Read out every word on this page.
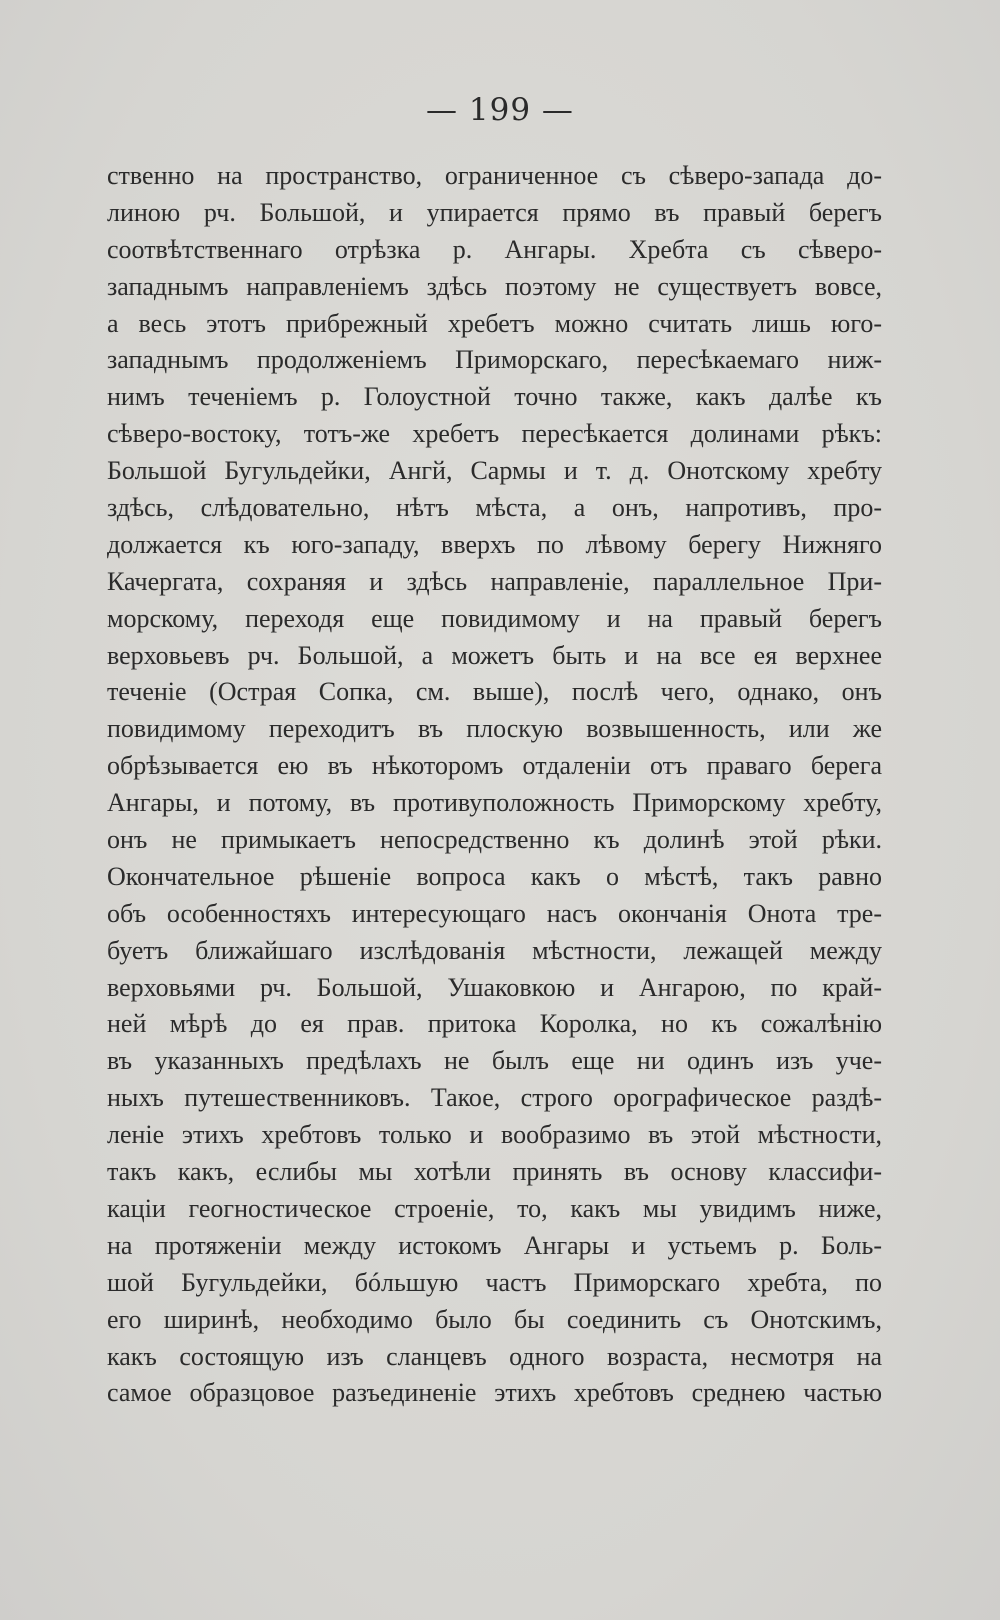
— 199 —
ственно на пространство, ограниченное съ сѣверо-запада до-
линою рч. Большой, и упирается прямо въ правый берегъ
соотвѣтственнаго отрѣзка р. Ангары. Хребта съ сѣверо-
западнымъ направленіемъ здѣсь поэтому не существуетъ вовсе,
а весь этотъ прибрежный хребетъ можно считать лишь юго-
западнымъ продолженіемъ Приморскаго, пересѣкаемаго ниж-
нимъ теченіемъ р. Голоустной точно также, какъ далѣе къ
сѣверо-востоку, тотъ-же хребетъ пересѣкается долинами рѣкъ:
Большой Бугульдейки, Ангй, Сармы и т. д. Онотскому хребту
здѣсь, слѣдовательно, нѣтъ мѣста, а онъ, напротивъ, про-
должается къ юго-западу, вверхъ по лѣвому берегу Нижняго
Качергата, сохраняя и здѣсь направленіе, параллельное При-
морскому, переходя еще повидимому и на правый берегъ
верховьевъ рч. Большой, а можетъ быть и на все ея верхнее
теченіе (Острая Сопка, см. выше), послѣ чего, однако, онъ
повидимому переходитъ въ плоскую возвышенность, или же
обрѣзывается ею въ нѣкоторомъ отдаленіи отъ праваго берега
Ангары, и потому, въ противуположность Приморскому хребту,
онъ не примыкаетъ непосредственно къ долинѣ этой рѣки.
Окончательное рѣшеніе вопроса какъ о мѣстѣ, такъ равно
объ особенностяхъ интересующаго насъ окончанія Онота тре-
буетъ ближайшаго изслѣдованія мѣстности, лежащей между
верховьями рч. Большой, Ушаковкою и Ангарою, по край-
ней мѣрѣ до ея прав. притока Королка, но къ сожалѣнію
въ указанныхъ предѣлахъ не былъ еще ни одинъ изъ уче-
ныхъ путешественниковъ. Такое, строго орографическое раздѣ-
леніе этихъ хребтовъ только и вообразимо въ этой мѣстности,
такъ какъ, еслибы мы хотѣли принять въ основу классифи-
каціи геогностическое строеніе, то, какъ мы увидимъ ниже,
на протяженіи между истокомъ Ангары и устьемъ р. Боль-
шой Бугульдейки, бóльшую частъ Приморскаго хребта, по
его ширинѣ, необходимо было бы соединить съ Онотскимъ,
какъ состоящую изъ сланцевъ одного возраста, несмотря на
самое образцовое разъединеніе этихъ хребтовъ среднею частью
